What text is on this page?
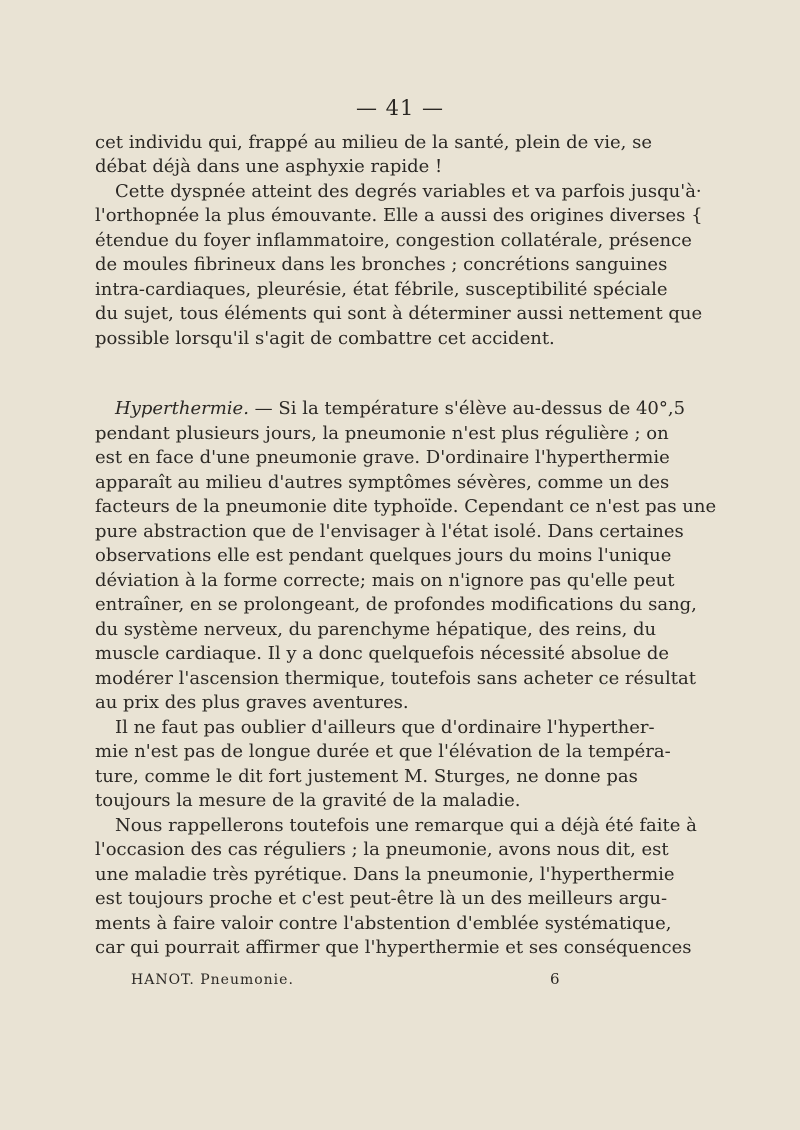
— 41 —
cet individu qui, frappé au milieu de la santé, plein de vie, se
débat déjà dans une asphyxie rapide !
Cette dyspnée atteint des degrés variables et va parfois jusqu'à·
l'orthopnée la plus émouvante. Elle a aussi des origines diverses {
étendue du foyer inflammatoire, congestion collatérale, présence
de moules fibrineux dans les bronches ; concrétions sanguines
intra-cardiaques, pleurésie, état fébrile, susceptibilité spéciale
du sujet, tous éléments qui sont à déterminer aussi nettement que
possible lorsqu'il s'agit de combattre cet accident.
Hyperthermie. — Si la température s'élève au-dessus de 40°,5
pendant plusieurs jours, la pneumonie n'est plus régulière ; on
est en face d'une pneumonie grave. D'ordinaire l'hyperthermie
apparaît au milieu d'autres symptômes sévères, comme un des
facteurs de la pneumonie dite typhoïde. Cependant ce n'est pas une
pure abstraction que de l'envisager à l'état isolé. Dans certaines
observations elle est pendant quelques jours du moins l'unique
déviation à la forme correcte; mais on n'ignore pas qu'elle peut
entraîner, en se prolongeant, de profondes modifications du sang,
du système nerveux, du parenchyme hépatique, des reins, du
muscle cardiaque. Il y a donc quelquefois nécessité absolue de
modérer l'ascension thermique, toutefois sans acheter ce résultat
au prix des plus graves aventures.
Il ne faut pas oublier d'ailleurs que d'ordinaire l'hyperther-
mie n'est pas de longue durée et que l'élévation de la tempéra-
ture, comme le dit fort justement M. Sturges, ne donne pas
toujours la mesure de la gravité de la maladie.
Nous rappellerons toutefois une remarque qui a déjà été faite à
l'occasion des cas réguliers ; la pneumonie, avons nous dit, est
une maladie très pyrétique. Dans la pneumonie, l'hyperthermie
est toujours proche et c'est peut-être là un des meilleurs argu-
ments à faire valoir contre l'abstention d'emblée systématique,
car qui pourrait affirmer que l'hyperthermie et ses conséquences
HANOT. Pneumonie.	6
